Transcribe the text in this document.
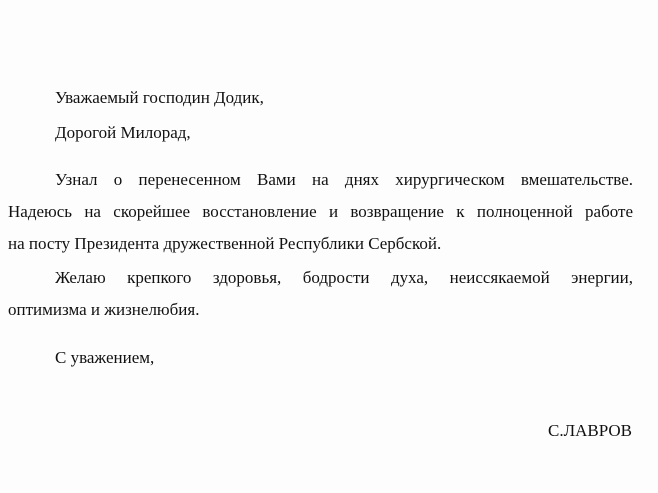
Уважаемый господин Додик,
Дорогой Милорад,
Узнал о перенесенном Вами на днях хирургическом вмешательстве.
Надеюсь на скорейшее восстановление и возвращение к полноценной работе
на посту Президента дружественной Республики Сербской.
Желаю крепкого здоровья, бодрости духа, неиссякаемой энергии,
оптимизма и жизнелюбия.
С уважением,
С.ЛАВРОВ
